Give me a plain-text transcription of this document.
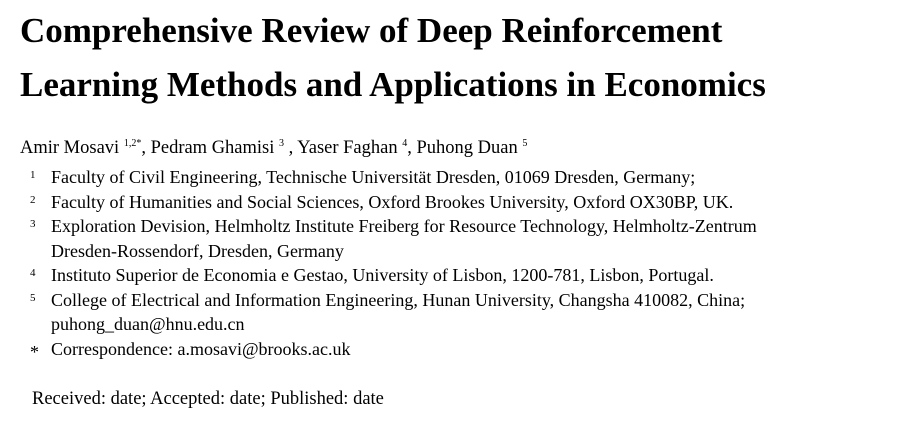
Comprehensive Review of Deep Reinforcement
Learning Methods and Applications in Economics
Amir Mosavi $^{1,2*}$, Pedram Ghamisi $^3$ , Yaser Faghan $^4$, Puhong Duan $^5$
1 Faculty of Civil Engineering, Technische Universität Dresden, 01069 Dresden, Germany;
2 Faculty of Humanities and Social Sciences, Oxford Brookes University, Oxford OX30BP, UK.
3 Exploration Devision, Helmholtz Institute Freiberg for Resource Technology, Helmholtz-Zentrum
Dresden-Rossendorf, Dresden, Germany
4 Instituto Superior de Economia e Gestao, University of Lisbon, 1200-781, Lisbon, Portugal.
5 College of Electrical and Information Engineering, Hunan University, Changsha 410082, China;
puhong_duan@hnu.edu.cn
* Correspondence: a.mosavi@brooks.ac.uk
Received: date; Accepted: date; Published: date
